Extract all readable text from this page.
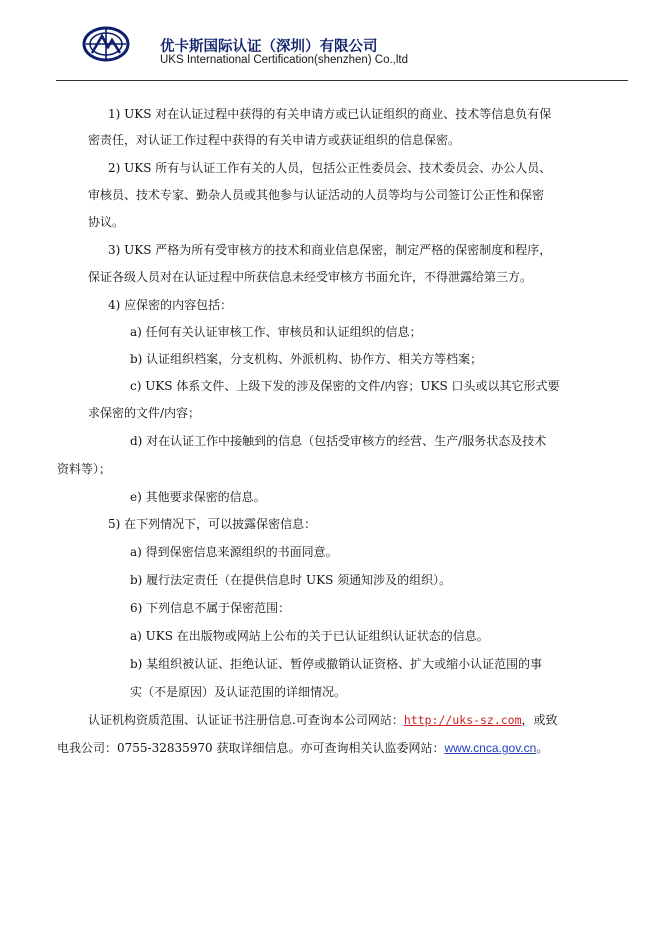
优卡斯国际认证（深圳）有限公司
UKS International Certification(shenzhen) Co.,ltd
1) UKS 对在认证过程中获得的有关申请方或已认证组织的商业、技术等信息负有保
密责任，对认证工作过程中获得的有关申请方或获证组织的信息保密。
2) UKS 所有与认证工作有关的人员，包括公正性委员会、技术委员会、办公人员、
审核员、技术专家、勤杂人员或其他参与认证活动的人员等均与公司签订公正性和保密
协议。
3) UKS 严格为所有受审核方的技术和商业信息保密，制定严格的保密制度和程序，
保证各级人员对在认证过程中所获信息未经受审核方书面允许，不得泄露给第三方。
4) 应保密的内容包括：
a) 任何有关认证审核工作、审核员和认证组织的信息；
b) 认证组织档案，分支机构、外派机构、协作方、相关方等档案；
c) UKS 体系文件、上级下发的涉及保密的文件/内容；UKS 口头或以其它形式要
求保密的文件/内容；
d) 对在认证工作中接触到的信息（包括受审核方的经营、生产/服务状态及技术
资料等）；
e) 其他要求保密的信息。
5) 在下列情况下，可以披露保密信息：
a) 得到保密信息来源组织的书面同意。
b) 履行法定责任（在提供信息时 UKS 须通知涉及的组织）。
6) 下列信息不属于保密范围：
a) UKS 在出版物或网站上公布的关于已认证组织认证状态的信息。
b) 某组织被认证、拒绝认证、暂停或撤销认证资格、扩大或缩小认证范围的事
实（不是原因）及认证范围的详细情况。
认证机构资质范围、认证证书注册信息.可查询本公司网站：http://uks-sz.com，或致
电我公司：0755-32835970 获取详细信息。亦可查询相关认监委网站：www.cnca.gov.cn。
